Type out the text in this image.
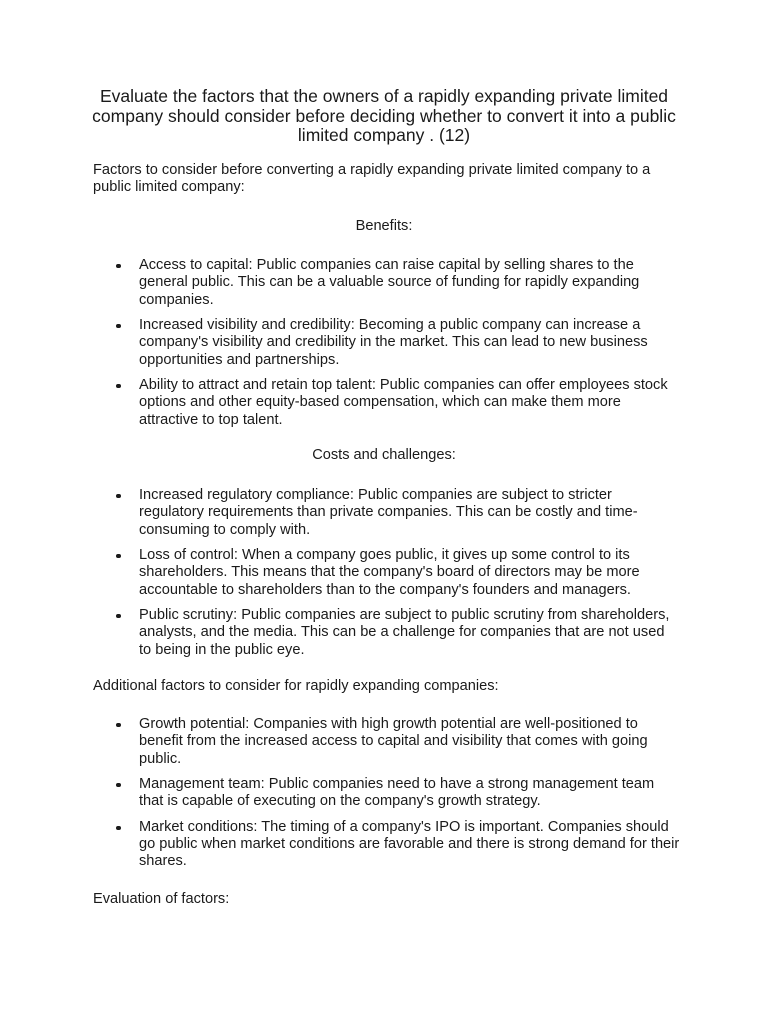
Evaluate the factors that the owners of a rapidly expanding private limited company should consider before deciding whether to convert it into a public limited company . (12)

Factors to consider before converting a rapidly expanding private limited company to a public limited company:

Benefits:

Access to capital: Public companies can raise capital by selling shares to the general public. This can be a valuable source of funding for rapidly expanding companies.
Increased visibility and credibility: Becoming a public company can increase a company's visibility and credibility in the market. This can lead to new business opportunities and partnerships.
Ability to attract and retain top talent: Public companies can offer employees stock options and other equity-based compensation, which can make them more attractive to top talent.

Costs and challenges:

Increased regulatory compliance: Public companies are subject to stricter regulatory requirements than private companies. This can be costly and time-consuming to comply with.
Loss of control: When a company goes public, it gives up some control to its shareholders. This means that the company's board of directors may be more accountable to shareholders than to the company's founders and managers.
Public scrutiny: Public companies are subject to public scrutiny from shareholders, analysts, and the media. This can be a challenge for companies that are not used to being in the public eye.

Additional factors to consider for rapidly expanding companies:

Growth potential: Companies with high growth potential are well-positioned to benefit from the increased access to capital and visibility that comes with going public.
Management team: Public companies need to have a strong management team that is capable of executing on the company's growth strategy.
Market conditions: The timing of a company's IPO is important. Companies should go public when market conditions are favorable and there is strong demand for their shares.

Evaluation of factors:
